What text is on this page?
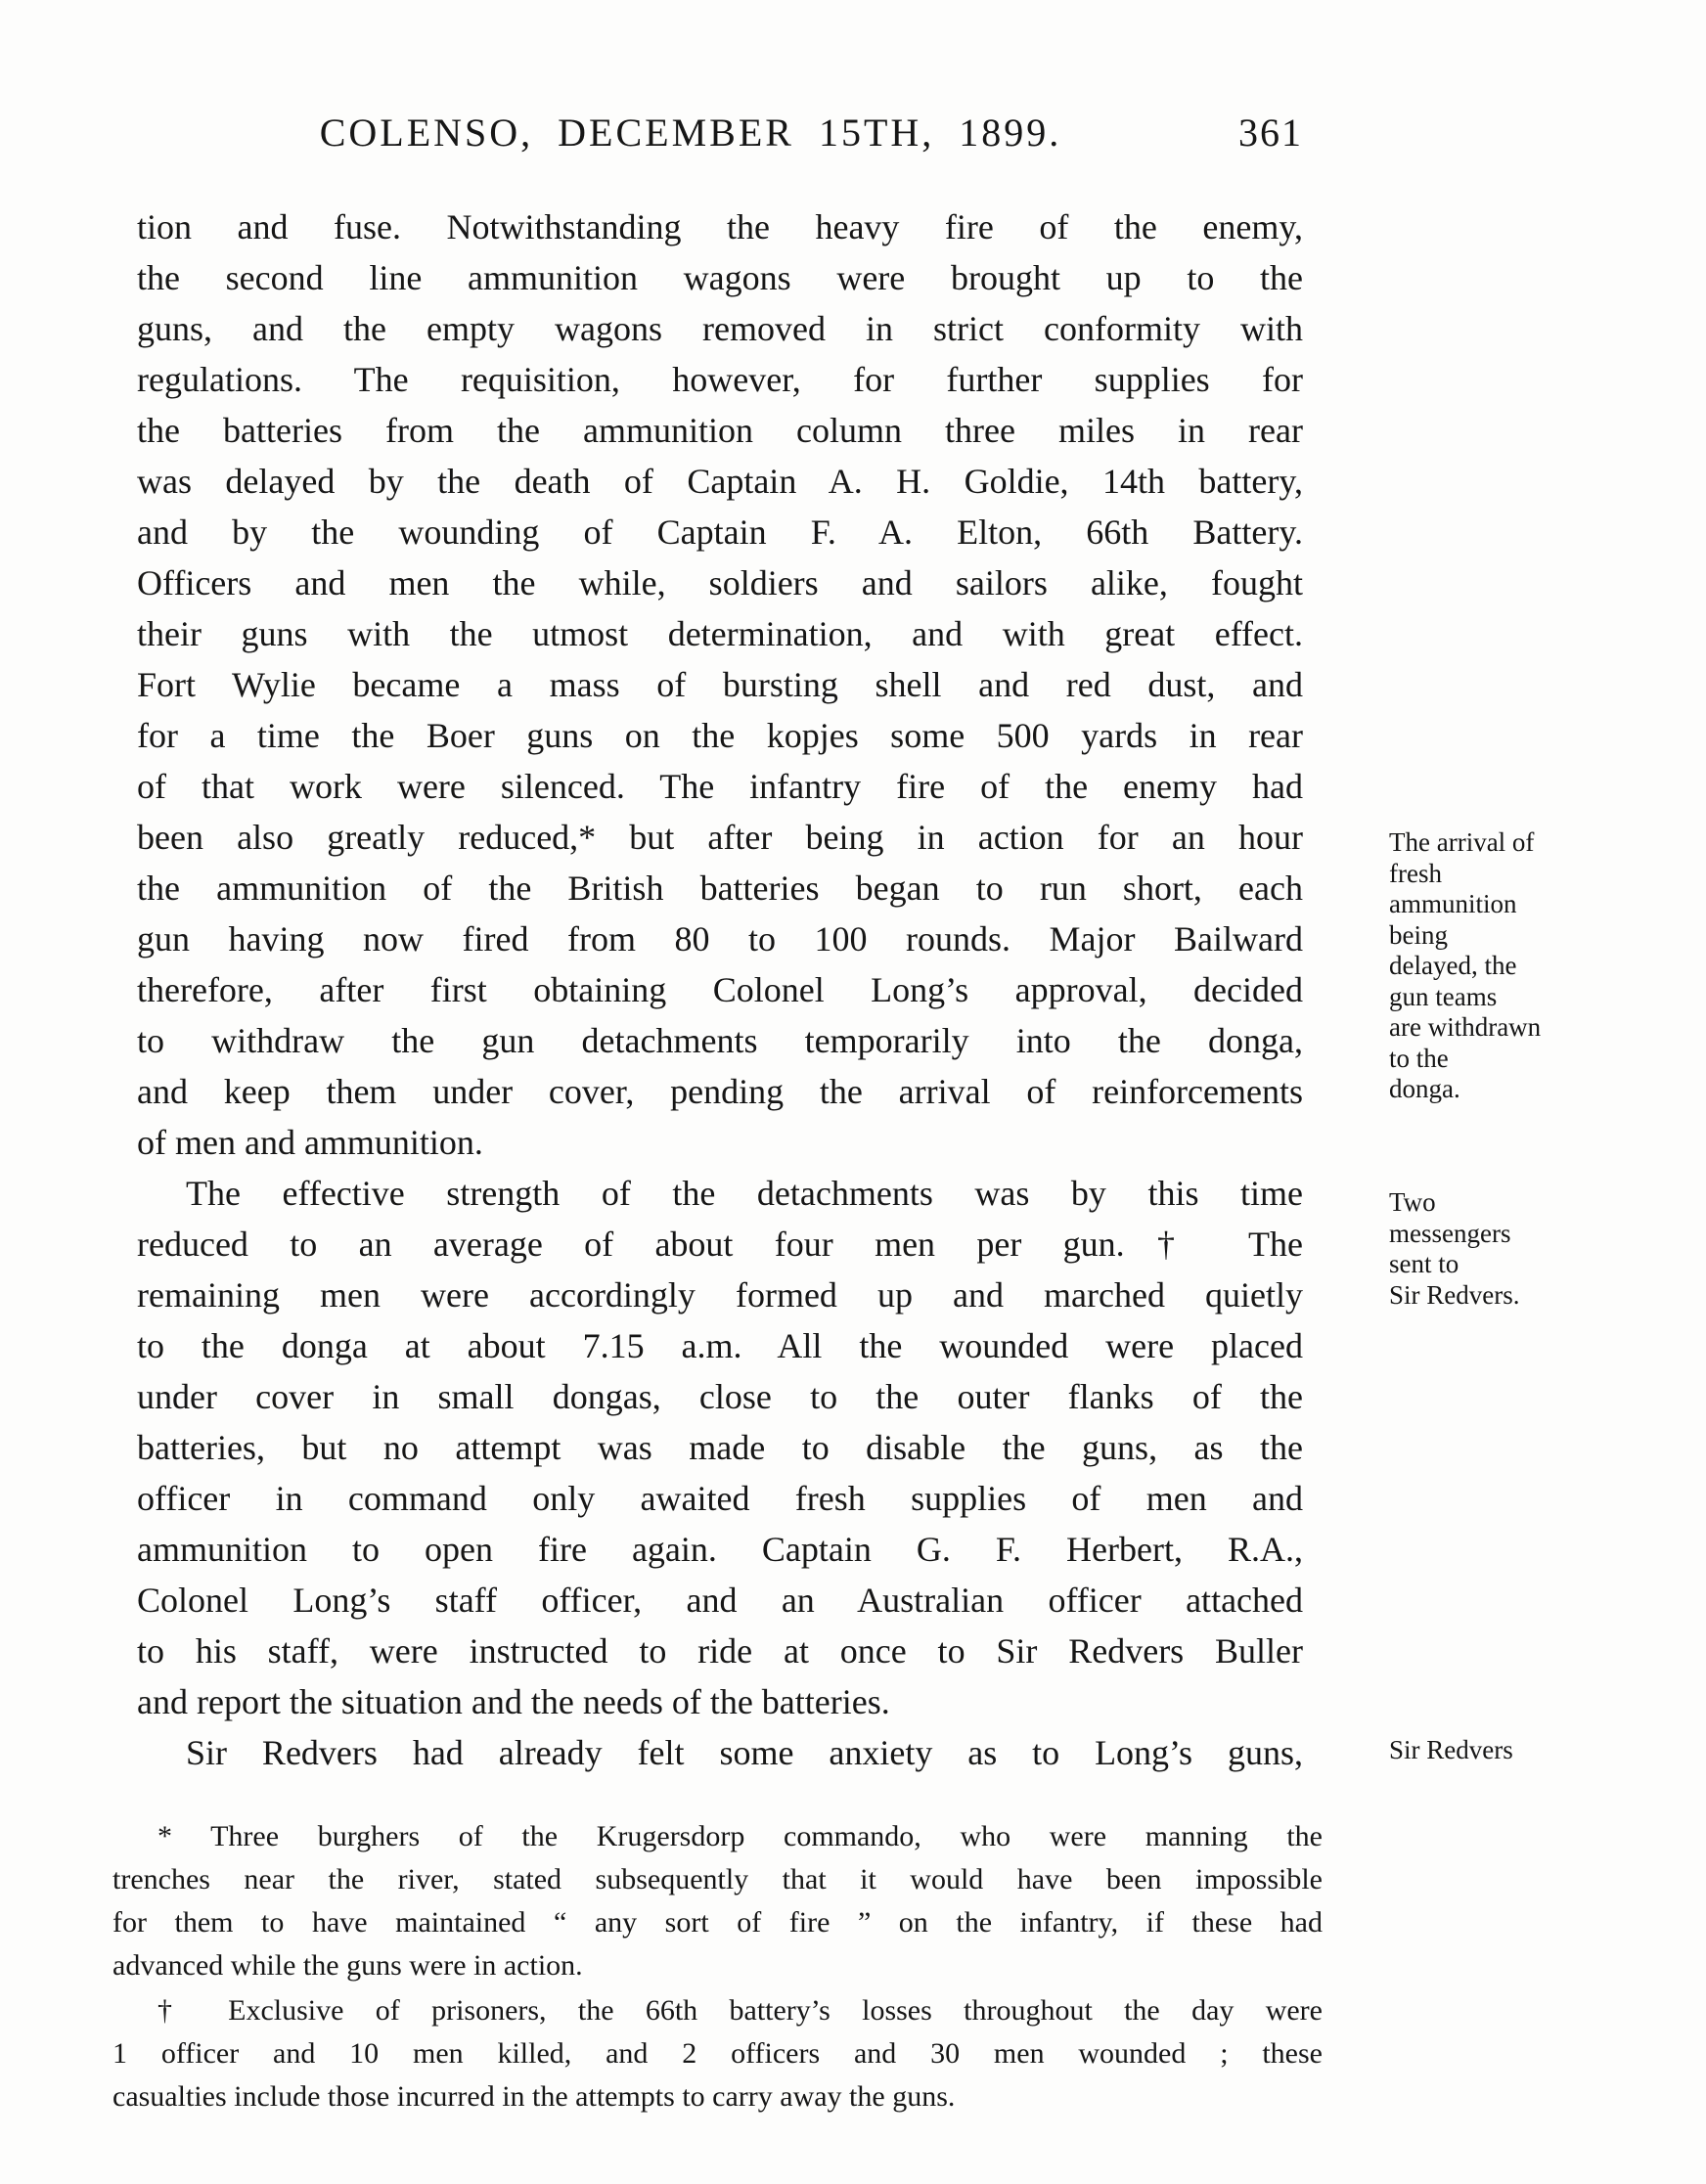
COLENSO, DECEMBER 15TH, 1899.	361
tion and fuse. Notwithstanding the heavy fire of the enemy,
the second line ammunition wagons were brought up to the
guns, and the empty wagons removed in strict conformity with
regulations. The requisition, however, for further supplies for
the batteries from the ammunition column three miles in rear
was delayed by the death of Captain A. H. Goldie, 14th battery,
and by the wounding of Captain F. A. Elton, 66th Battery.
Officers and men the while, soldiers and sailors alike, fought
their guns with the utmost determination, and with great effect.
Fort Wylie became a mass of bursting shell and red dust, and
for a time the Boer guns on the kopjes some 500 yards in rear
of that work were silenced. The infantry fire of the enemy had
been also greatly reduced,* but after being in action for an hour
the ammunition of the British batteries began to run short, each
gun having now fired from 80 to 100 rounds. Major Bailward
therefore, after first obtaining Colonel Long’s approval, decided
to withdraw the gun detachments temporarily into the donga,
and keep them under cover, pending the arrival of reinforcements
of men and ammunition.
The effective strength of the detachments was by this time
reduced to an average of about four men per gun.† The
remaining men were accordingly formed up and marched quietly
to the donga at about 7.15 a.m. All the wounded were placed
under cover in small dongas, close to the outer flanks of the
batteries, but no attempt was made to disable the guns, as the
officer in command only awaited fresh supplies of men and
ammunition to open fire again. Captain G. F. Herbert, R.A.,
Colonel Long’s staff officer, and an Australian officer attached
to his staff, were instructed to ride at once to Sir Redvers Buller
and report the situation and the needs of the batteries.
Sir Redvers had already felt some anxiety as to Long’s guns,
The arrival of
fresh
ammunition
being
delayed, the
gun teams
are withdrawn
to the
donga.
Two
messengers
sent to
Sir Redvers.
Sir Redvers
* Three burghers of the Krugersdorp commando, who were manning the
trenches near the river, stated subsequently that it would have been impossible
for them to have maintained “ any sort of fire ” on the infantry, if these had
advanced while the guns were in action.
† Exclusive of prisoners, the 66th battery’s losses throughout the day were
1 officer and 10 men killed, and 2 officers and 30 men wounded ; these
casualties include those incurred in the attempts to carry away the guns.
